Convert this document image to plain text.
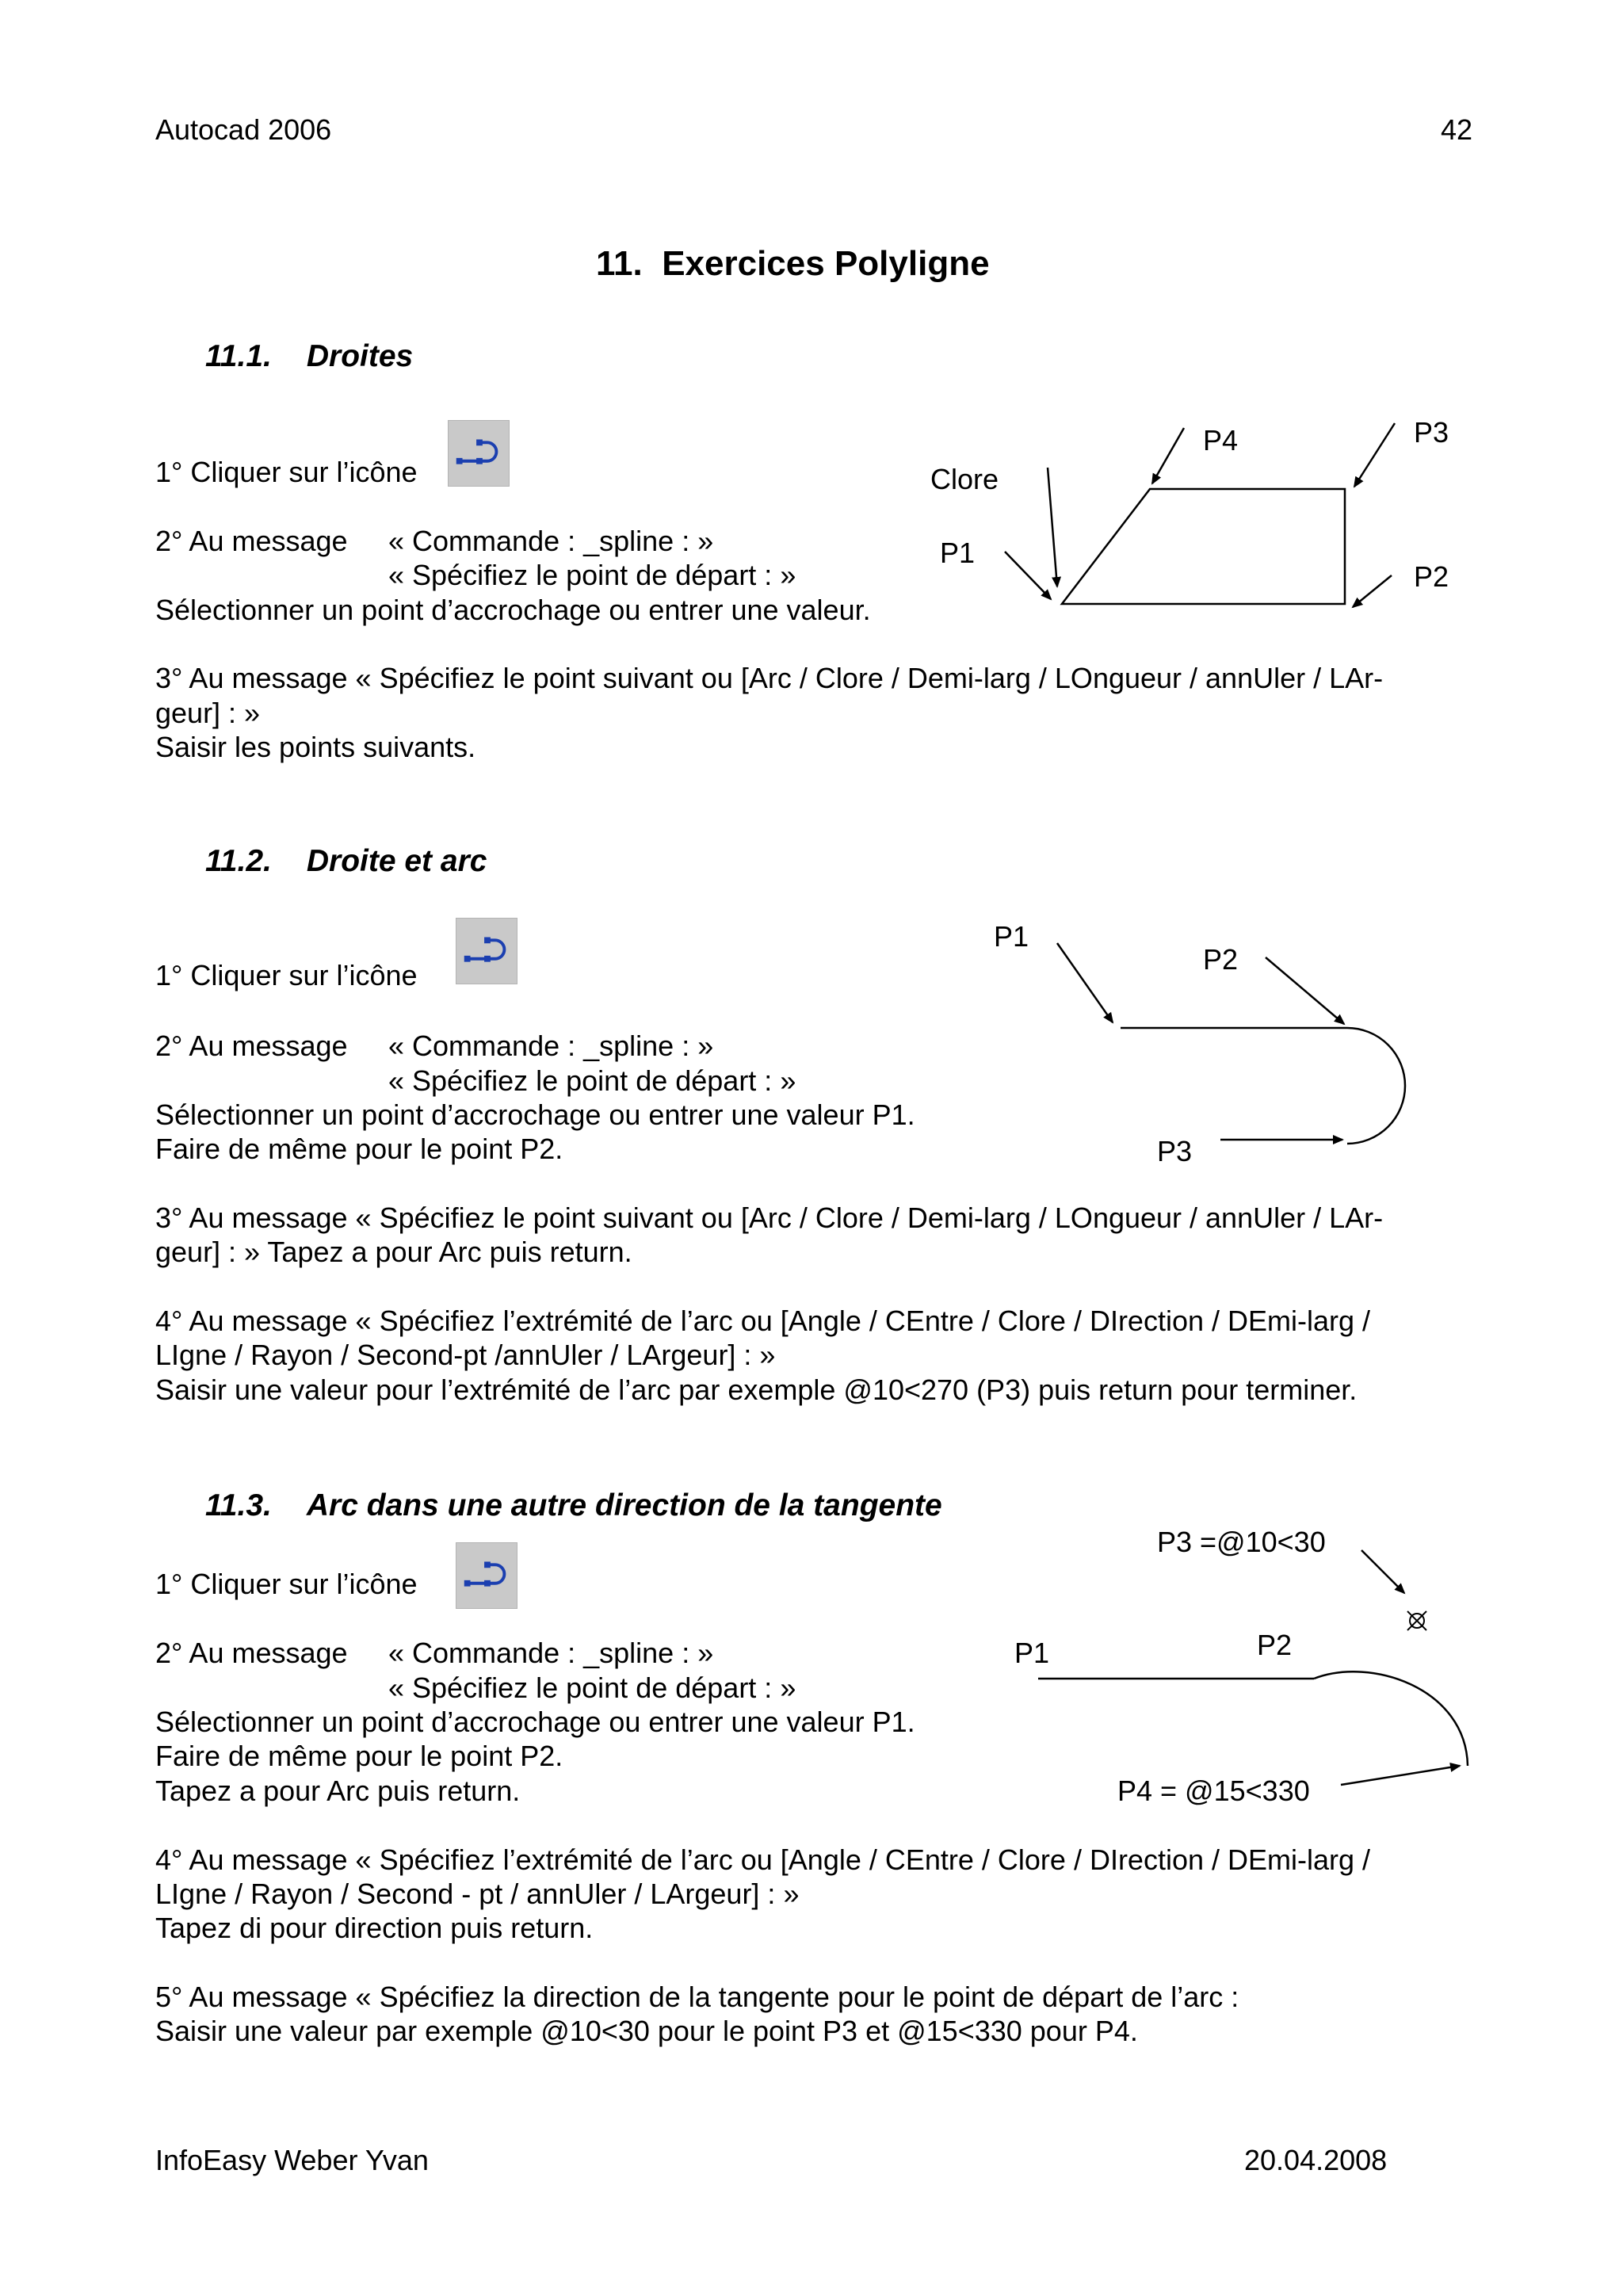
Autocad 2006	42
11. Exercices Polyligne
11.1. Droites
1° Cliquer sur l’icône
2° Au message « Commande : _spline : »
« Spécifiez le point de départ : »
Sélectionner un point d’accrochage ou entrer une valeur.
3° Au message « Spécifiez le point suivant ou [Arc / Clore / Demi-larg / LOngueur / annUler / LAr-
geur] : »
Saisir les points suivants.
Clore
P1
P4	P3
P2
11.2. Droite et arc
1° Cliquer sur l’icône
2° Au message « Commande : _spline : »
« Spécifiez le point de départ : »
Sélectionner un point d’accrochage ou entrer une valeur P1.
Faire de même pour le point P2.
3° Au message « Spécifiez le point suivant ou [Arc / Clore / Demi-larg / LOngueur / annUler / LAr-
geur] : » Tapez a pour Arc puis return.
4° Au message « Spécifiez l’extrémité de l’arc ou [Angle / CEntre / Clore / DIrection / DEmi-larg /
LIgne / Rayon / Second-pt /annUler / LArgeur] : »
Saisir une valeur pour l’extrémité de l’arc par exemple @10<270 (P3) puis return pour terminer.
P1
P2
P3
11.3. Arc dans une autre direction de la tangente
1° Cliquer sur l’icône
2° Au message « Commande : _spline : »
« Spécifiez le point de départ : »
Sélectionner un point d’accrochage ou entrer une valeur P1.
Faire de même pour le point P2.
Tapez a pour Arc puis return.
4° Au message « Spécifiez l’extrémité de l’arc ou [Angle / CEntre / Clore / DIrection / DEmi-larg /
LIgne / Rayon / Second - pt / annUler / LArgeur] : »
Tapez di pour direction puis return.
5° Au message « Spécifiez la direction de la tangente pour le point de départ de l’arc :
Saisir une valeur par exemple @10<30 pour le point P3 et @15<330 pour P4.
P3 =@10<30
P1	P2
P4 = @15<330
InfoEasy Weber Yvan	20.04.2008
